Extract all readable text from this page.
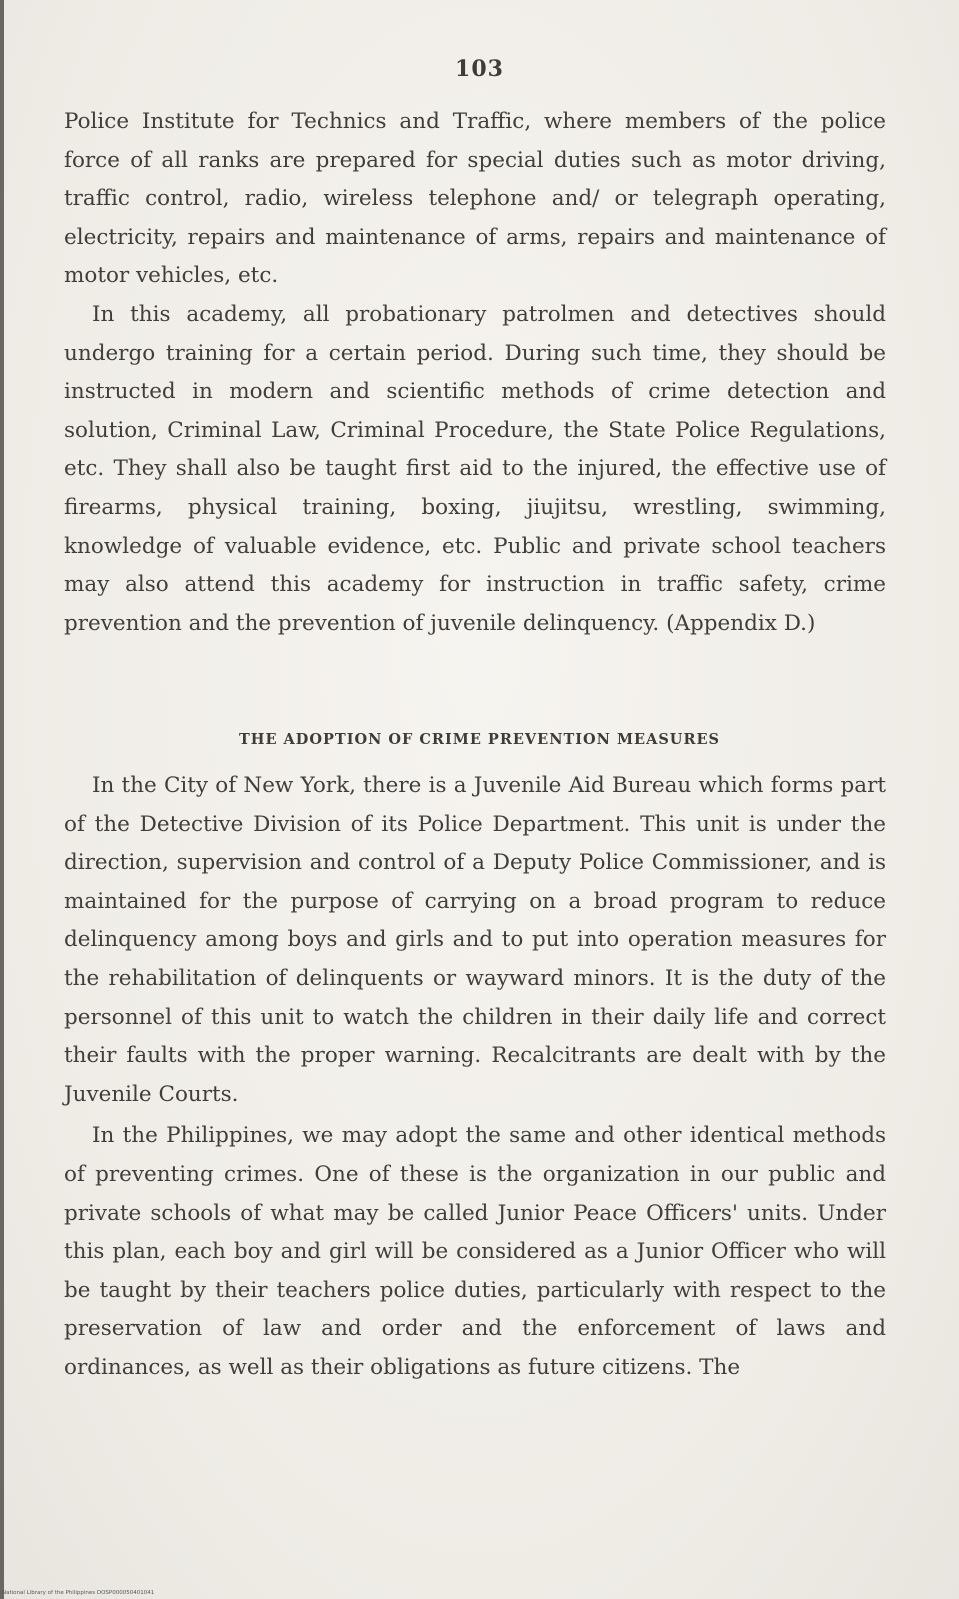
103

Police Institute for Technics and Traffic, where members of the police force of all ranks are prepared for special duties such as motor driving, traffic control, radio, wireless telephone and/ or telegraph operating, electricity, repairs and maintenance of arms, repairs and maintenance of motor vehicles, etc.

In this academy, all probationary patrolmen and detectives should undergo training for a certain period. During such time, they should be instructed in modern and scientific methods of crime detection and solution, Criminal Law, Criminal Procedure, the State Police Regulations, etc. They shall also be taught first aid to the injured, the effective use of firearms, physical training, boxing, jiujitsu, wrestling, swimming, knowledge of valuable evidence, etc. Public and private school teachers may also attend this academy for instruction in traffic safety, crime prevention and the prevention of juvenile delinquency. (Appendix D.)

THE ADOPTION OF CRIME PREVENTION MEASURES

In the City of New York, there is a Juvenile Aid Bureau which forms part of the Detective Division of its Police Department. This unit is under the direction, supervision and control of a Deputy Police Commissioner, and is maintained for the purpose of carrying on a broad program to reduce delinquency among boys and girls and to put into operation measures for the rehabilitation of delinquents or wayward minors. It is the duty of the personnel of this unit to watch the children in their daily life and correct their faults with the proper warning. Recalcitrants are dealt with by the Juvenile Courts.

In the Philippines, we may adopt the same and other identical methods of preventing crimes. One of these is the organization in our public and private schools of what may be called Junior Peace Officers' units. Under this plan, each boy and girl will be considered as a Junior Officer who will be taught by their teachers police duties, particularly with respect to the preservation of law and order and the enforcement of laws and ordinances, as well as their obligations as future citizens. The

National Library of the Philippines DOSP000050401041
